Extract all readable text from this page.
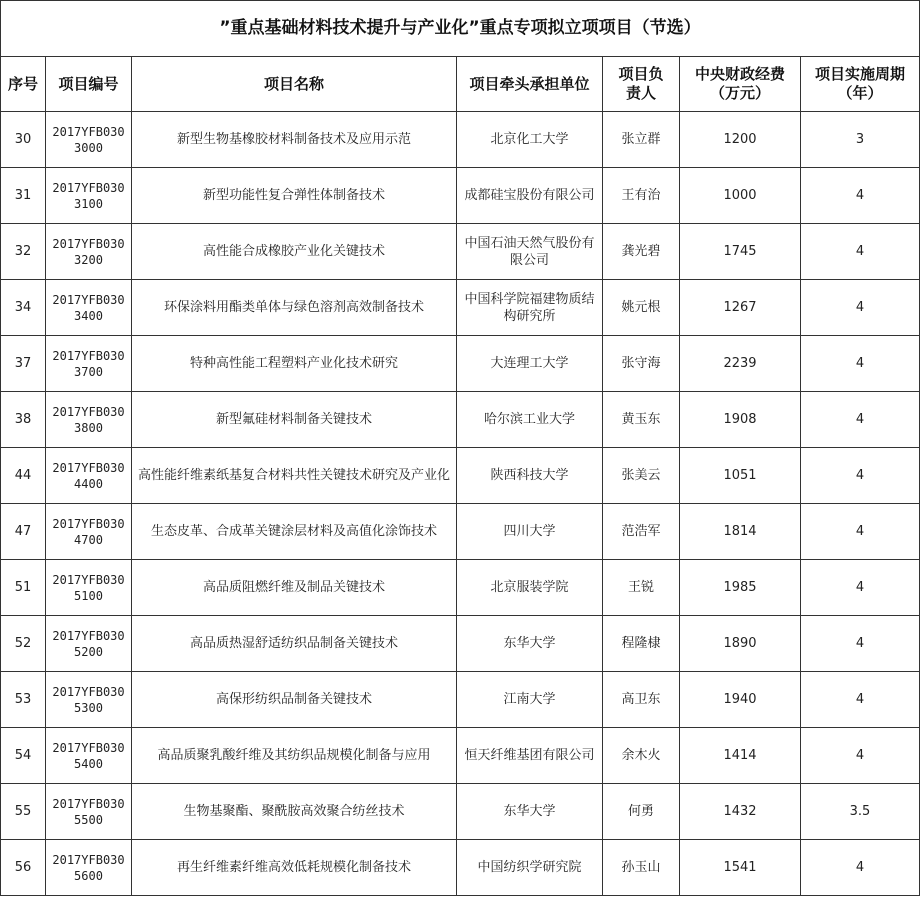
”重点基础材料技术提升与产业化”重点专项拟立项项目（节选）
序号	项目编号	项目名称	项目牵头承担单位	项目负责人	中央财政经费（万元）	项目实施周期（年）
30	2017YFB0303000	新型生物基橡胶材料制备技术及应用示范	北京化工大学	张立群	1200	3
31	2017YFB0303100	新型功能性复合弹性体制备技术	成都硅宝股份有限公司	王有治	1000	4
32	2017YFB0303200	高性能合成橡胶产业化关键技术	中国石油天然气股份有限公司	龚光碧	1745	4
34	2017YFB0303400	环保涂料用酯类单体与绿色溶剂高效制备技术	中国科学院福建物质结构研究所	姚元根	1267	4
37	2017YFB0303700	特种高性能工程塑料产业化技术研究	大连理工大学	张守海	2239	4
38	2017YFB0303800	新型氟硅材料制备关键技术	哈尔滨工业大学	黄玉东	1908	4
44	2017YFB0304400	高性能纤维素纸基复合材料共性关键技术研究及产业化	陕西科技大学	张美云	1051	4
47	2017YFB0304700	生态皮革、合成革关键涂层材料及高值化涂饰技术	四川大学	范浩军	1814	4
51	2017YFB0305100	高品质阻燃纤维及制品关键技术	北京服装学院	王锐	1985	4
52	2017YFB0305200	高品质热湿舒适纺织品制备关键技术	东华大学	程隆棣	1890	4
53	2017YFB0305300	高保形纺织品制备关键技术	江南大学	高卫东	1940	4
54	2017YFB0305400	高品质聚乳酸纤维及其纺织品规模化制备与应用	恒天纤维基团有限公司	余木火	1414	4
55	2017YFB0305500	生物基聚酯、聚酰胺高效聚合纺丝技术	东华大学	何勇	1432	3.5
56	2017YFB0305600	再生纤维素纤维高效低耗规模化制备技术	中国纺织学研究院	孙玉山	1541	4
